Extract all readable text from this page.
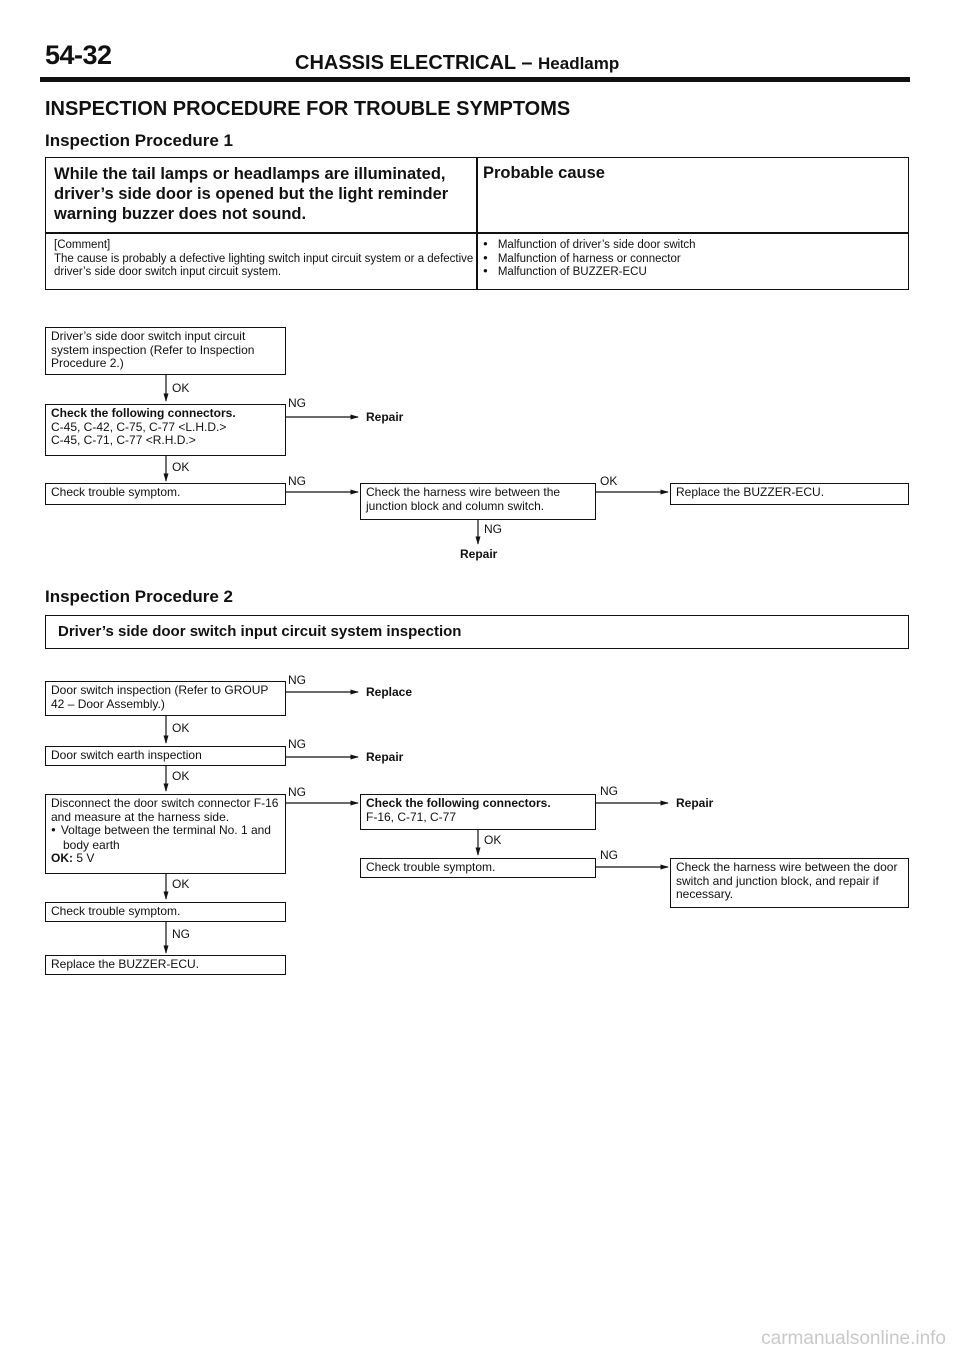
54-32	CHASSIS ELECTRICAL – Headlamp
INSPECTION PROCEDURE FOR TROUBLE SYMPTOMS
Inspection Procedure 1
While the tail lamps or headlamps are illuminated, driver’s side door is opened but the light reminder warning buzzer does not sound.
Probable cause
[Comment]
The cause is probably a defective lighting switch input circuit system or a defective driver’s side door switch input circuit system.
● Malfunction of driver’s side door switch
● Malfunction of harness or connector
● Malfunction of BUZZER-ECU
Driver’s side door switch input circuit system inspection (Refer to Inspection Procedure 2.)
OK
Check the following connectors.
C-45, C-42, C-75, C-77 <L.H.D.>
C-45, C-71, C-77 <R.H.D.>
NG
Repair
OK
Check trouble symptom.
NG
Check the harness wire between the junction block and column switch.
OK
Replace the BUZZER-ECU.
NG
Repair
Inspection Procedure 2
Driver’s side door switch input circuit system inspection
Door switch inspection (Refer to GROUP 42 – Door Assembly.)
NG
Replace
OK
Door switch earth inspection
NG
Repair
OK
Disconnect the door switch connector F-16 and measure at the harness side.
● Voltage between the terminal No. 1 and body earth
OK: 5 V
NG
Check the following connectors.
F-16, C-71, C-77
NG
Repair
OK
Check trouble symptom.
NG
Check the harness wire between the door switch and junction block, and repair if necessary.
OK
Check trouble symptom.
NG
Replace the BUZZER-ECU.
carmanualsonline.info
